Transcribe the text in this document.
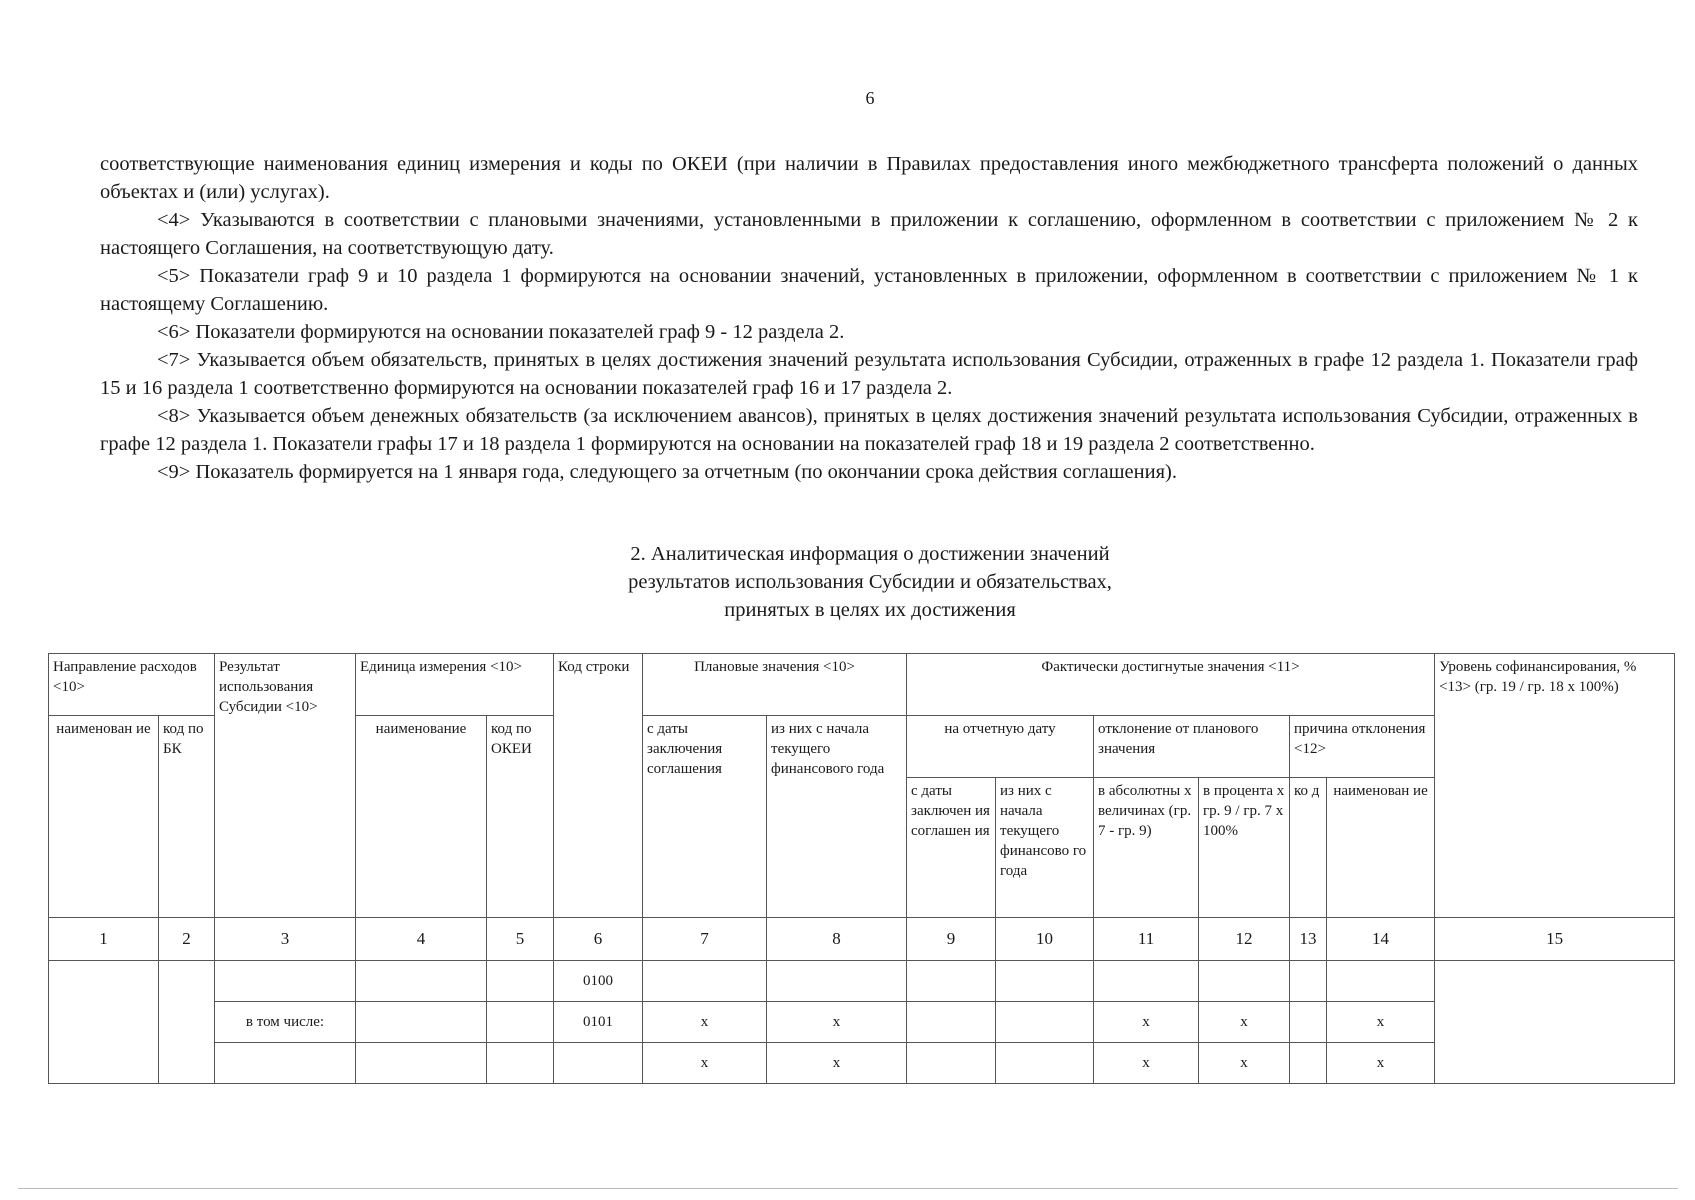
6

соответствующие наименования единиц измерения и коды по ОКЕИ (при наличии в Правилах предоставления иного межбюджетного трансферта положений о данных объектах и (или) услугах).

<4> Указываются в соответствии с плановыми значениями, установленными в приложении к соглашению, оформленном в соответствии с приложением № 2 к настоящего Соглашения, на соответствующую дату.

<5> Показатели граф 9 и 10 раздела 1 формируются на основании значений, установленных в приложении, оформленном в соответствии с приложением № 1 к настоящему Соглашению.

<6> Показатели формируются на основании показателей граф 9 - 12 раздела 2.

<7> Указывается объем обязательств, принятых в целях достижения значений результата использования Субсидии, отраженных в графе 12 раздела 1. Показатели граф 15 и 16 раздела 1 соответственно формируются на основании показателей граф 16 и 17 раздела 2.

<8> Указывается объем денежных обязательств (за исключением авансов), принятых в целях достижения значений результата использования Субсидии, отраженных в графе 12 раздела 1. Показатели графы 17 и 18 раздела 1 формируются на основании на показателей граф 18 и 19 раздела 2 соответственно.

<9> Показатель формируется на 1 января года, следующего за отчетным (по окончании срока действия соглашения).

2. Аналитическая информация о достижении значений
результатов использования Субсидии и обязательствах,
принятых в целях их достижения
Направление расходов <10>		Результат использования Субсидии <10>	Единица измерения <10>		Код строки	Плановые значения <10>		Фактически достигнутые значения <11>						Уровень софинансирования, % <13> (гр. 19 / гр. 18 х 100%)
наименован ие	код по БК		наименование	код по ОКЕИ		с даты заключения соглашения	из них с начала текущего финансового года	на отчетную дату		отклонение от планового значения		причина отклонения <12>		
								с даты заключен ия соглашен ия	из них с начала текущего финансово го года	в абсолютны х величинах (гр. 7 - гр. 9)	в процента х гр. 9 / гр. 7 х 100%	ко д	наименован ие	
1	2	3	4	5	6	7	8	9	10	11	12	13	14	15
					0100									
		в том числе:			0101	x	x			x	x		x	
						x	x			x	x		x	
